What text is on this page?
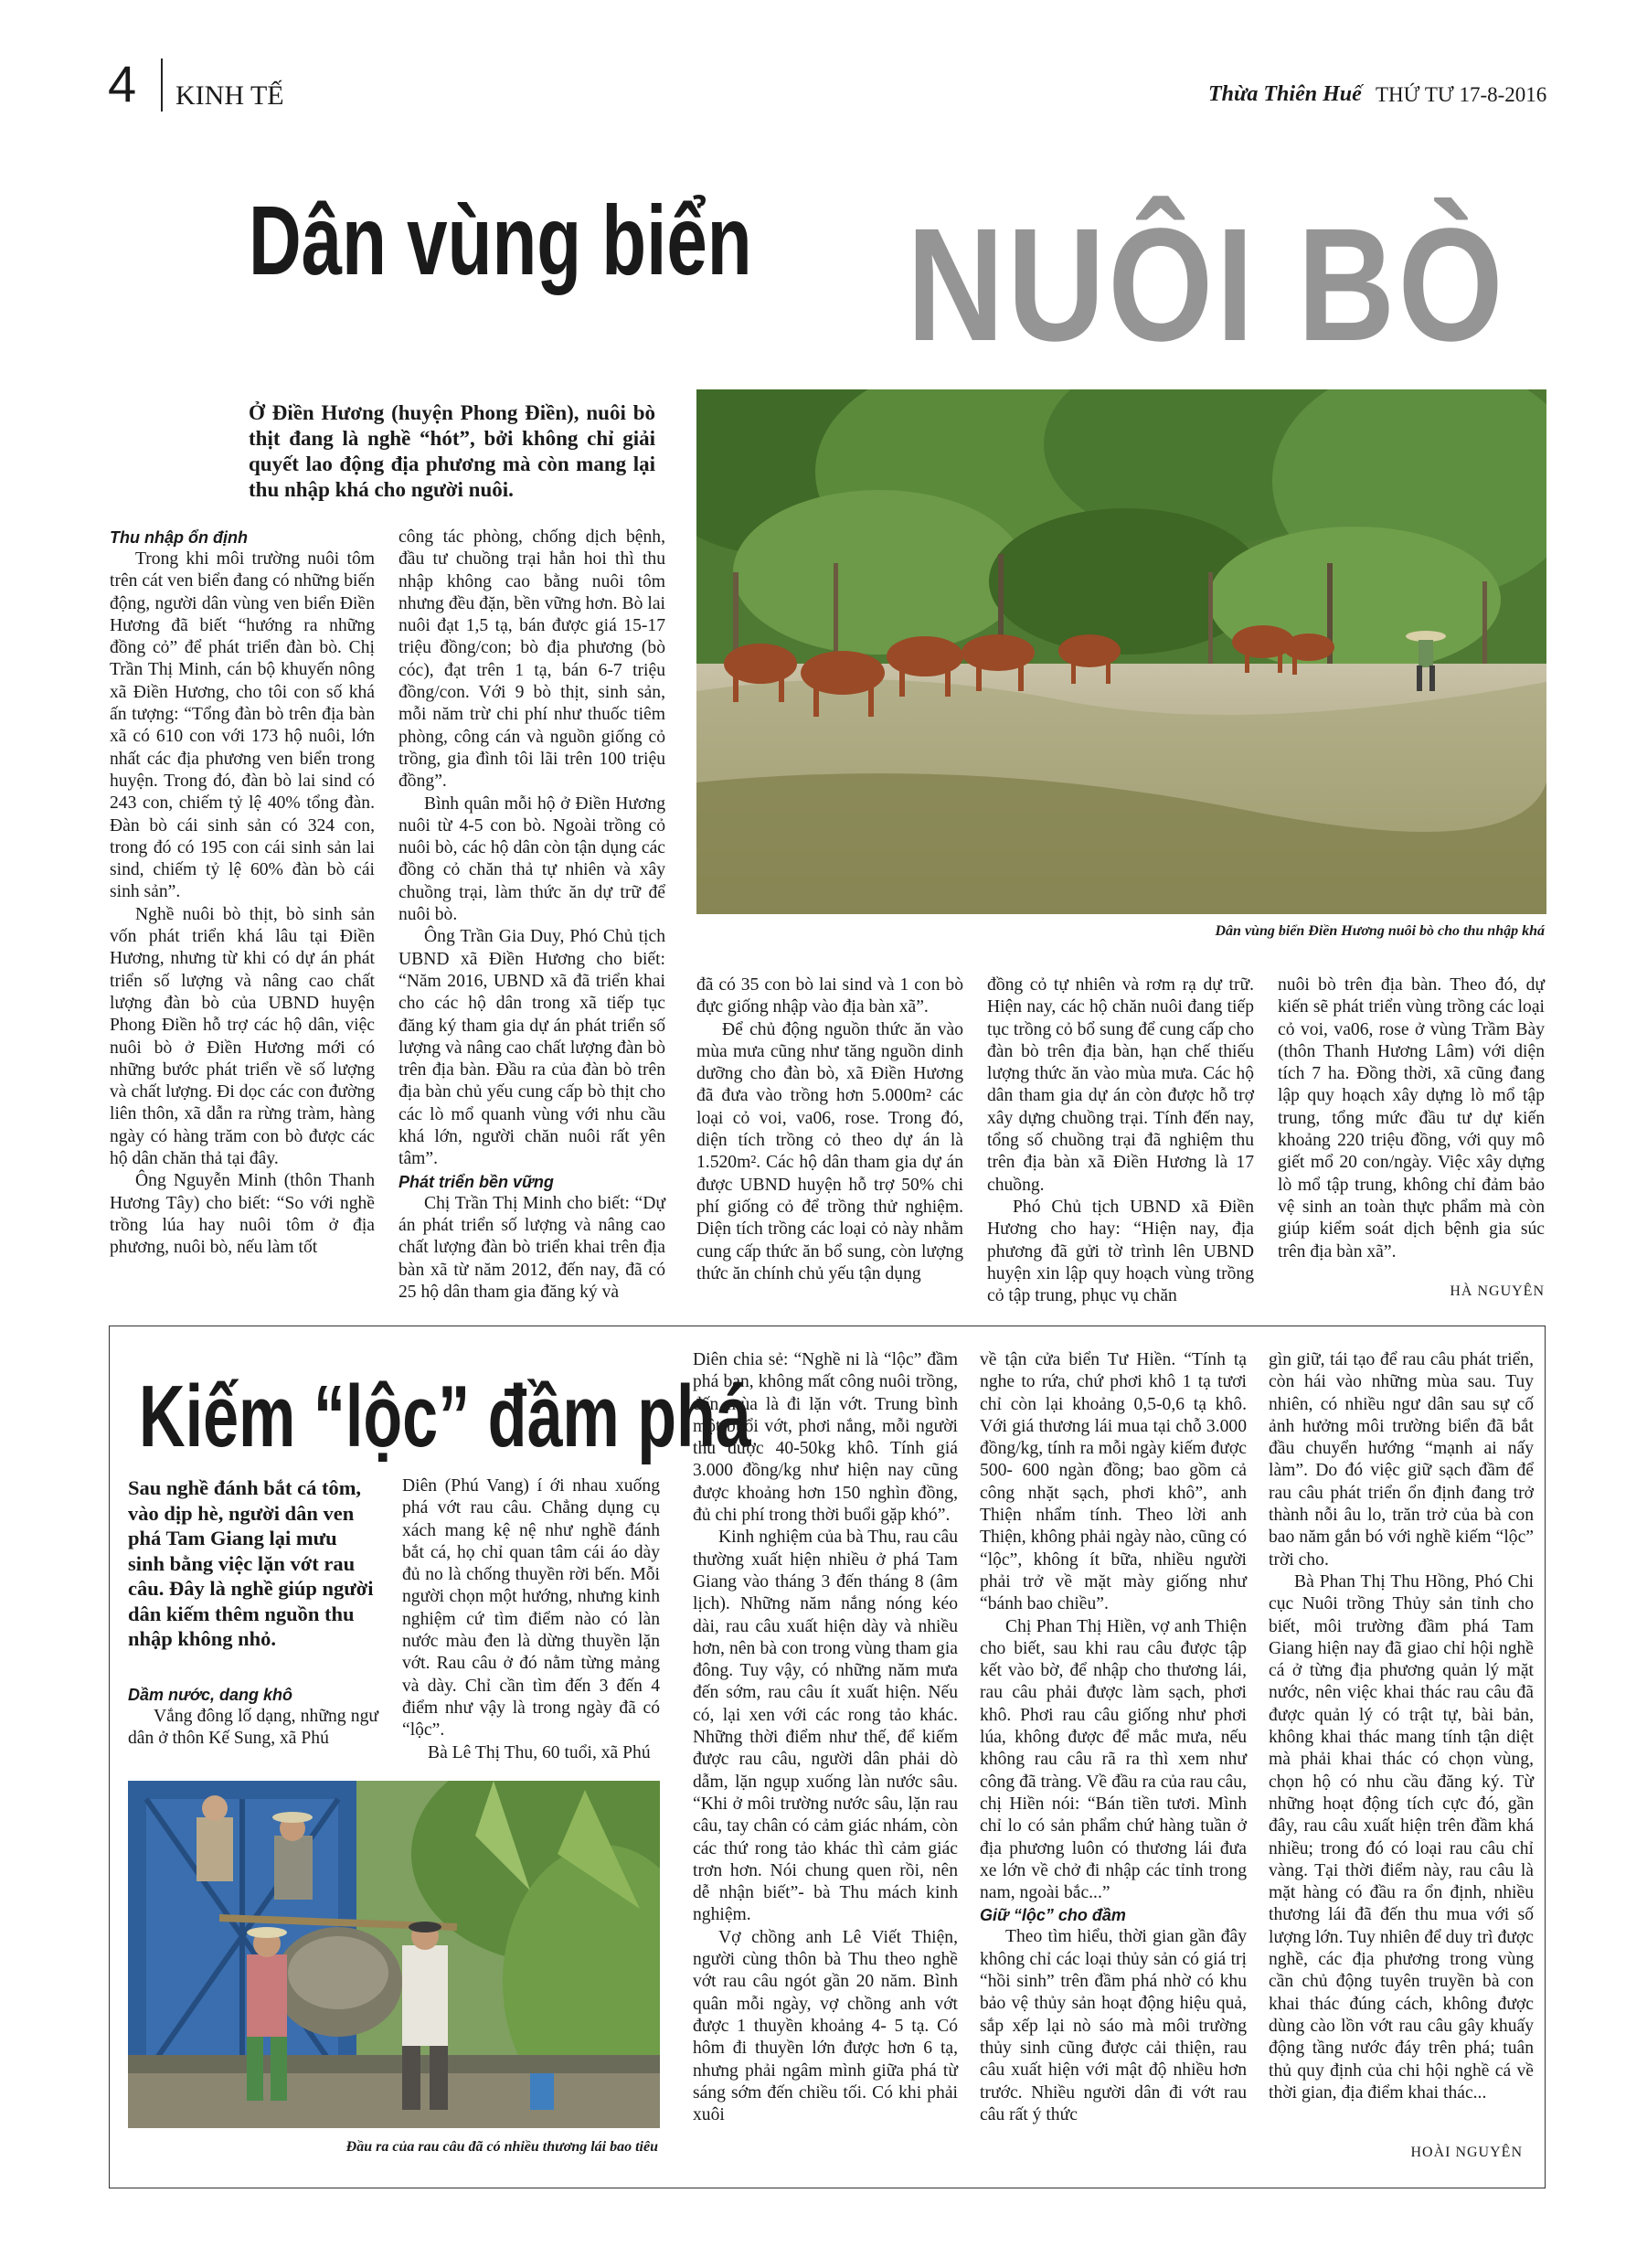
4 KINH TẾ	Thừa Thiên Huế THỨ TƯ 17-8-2016
Dân vùng biển NUÔI BÒ
Ở Điền Hương (huyện Phong Điền), nuôi bò thịt đang là nghề “hót”, bởi không chỉ giải quyết lao động địa phương mà còn mang lại thu nhập khá cho người nuôi.
Dân vùng biển Điền Hương nuôi bò cho thu nhập khá
Thu nhập ổn định

Trong khi môi trường nuôi tôm trên cát ven biển đang có những biến động, người dân vùng ven biển Điền Hương đã biết “hướng ra những đồng cỏ” để phát triển đàn bò. Chị Trần Thị Minh, cán bộ khuyến nông xã Điền Hương, cho tôi con số khá ấn tượng: “Tổng đàn bò trên địa bàn xã có 610 con với 173 hộ nuôi, lớn nhất các địa phương ven biển trong huyện. Trong đó, đàn bò lai sind có 243 con, chiếm tỷ lệ 40% tổng đàn. Đàn bò cái sinh sản có 324 con, trong đó có 195 con cái sinh sản lai sind, chiếm tỷ lệ 60% đàn bò cái sinh sản”.

Nghề nuôi bò thịt, bò sinh sản vốn phát triển khá lâu tại Điền Hương, nhưng từ khi có dự án phát triển số lượng và nâng cao chất lượng đàn bò của UBND huyện Phong Điền hỗ trợ các hộ dân, việc nuôi bò ở Điền Hương mới có những bước phát triển về số lượng và chất lượng. Đi dọc các con đường liên thôn, xã dẫn ra rừng tràm, hàng ngày có hàng trăm con bò được các hộ dân chăn thả tại đây.

Ông Nguyễn Minh (thôn Thanh Hương Tây) cho biết: “So với nghề trồng lúa hay nuôi tôm ở địa phương, nuôi bò, nếu làm tốt

công tác phòng, chống dịch bệnh, đầu tư chuồng trại hẳn hoi thì thu nhập không cao bằng nuôi tôm nhưng đều đặn, bền vững hơn. Bò lai nuôi đạt 1,5 tạ, bán được giá 15-17 triệu đồng/con; bò địa phương (bò cóc), đạt trên 1 tạ, bán 6-7 triệu đồng/con. Với 9 bò thịt, sinh sản, mỗi năm trừ chi phí như thuốc tiêm phòng, công cán và nguồn giống cỏ trồng, gia đình tôi lãi trên 100 triệu đồng”.

Bình quân mỗi hộ ở Điền Hương nuôi từ 4-5 con bò. Ngoài trồng cỏ nuôi bò, các hộ dân còn tận dụng các đồng cỏ chăn thả tự nhiên và xây chuồng trại, làm thức ăn dự trữ để nuôi bò.

Ông Trần Gia Duy, Phó Chủ tịch UBND xã Điền Hương cho biết: “Năm 2016, UBND xã đã triển khai cho các hộ dân trong xã tiếp tục đăng ký tham gia dự án phát triển số lượng và nâng cao chất lượng đàn bò trên địa bàn. Đầu ra của đàn bò trên địa bàn chủ yếu cung cấp bò thịt cho các lò mổ quanh vùng với nhu cầu khá lớn, người chăn nuôi rất yên tâm”.

Phát triển bền vững

Chị Trần Thị Minh cho biết: “Dự án phát triển số lượng và nâng cao chất lượng đàn bò triển khai trên địa bàn xã từ năm 2012, đến nay, đã có 25 hộ dân tham gia đăng ký và

đã có 35 con bò lai sind và 1 con bò đực giống nhập vào địa bàn xã”.

Để chủ động nguồn thức ăn vào mùa mưa cũng như tăng nguồn dinh dưỡng cho đàn bò, xã Điền Hương đã đưa vào trồng hơn 5.000m² các loại cỏ voi, va06, rose. Trong đó, diện tích trồng cỏ theo dự án là 1.520m². Các hộ dân tham gia dự án được UBND huyện hỗ trợ 50% chi phí giống cỏ để trồng thử nghiệm. Diện tích trồng các loại cỏ này nhằm cung cấp thức ăn bổ sung, còn lượng thức ăn chính chủ yếu tận dụng

đồng cỏ tự nhiên và rơm rạ dự trữ. Hiện nay, các hộ chăn nuôi đang tiếp tục trồng cỏ bổ sung để cung cấp cho đàn bò trên địa bàn, hạn chế thiếu lượng thức ăn vào mùa mưa. Các hộ dân tham gia dự án còn được hỗ trợ xây dựng chuồng trại. Tính đến nay, tổng số chuồng trại đã nghiệm thu trên địa bàn xã Điền Hương là 17 chuồng.

Phó Chủ tịch UBND xã Điền Hương cho hay: “Hiện nay, địa phương đã gửi tờ trình lên UBND huyện xin lập quy hoạch vùng trồng cỏ tập trung, phục vụ chăn

nuôi bò trên địa bàn. Theo đó, dự kiến sẽ phát triển vùng trồng các loại cỏ voi, va06, rose ở vùng Trầm Bày (thôn Thanh Hương Lâm) với diện tích 7 ha. Đồng thời, xã cũng đang lập quy hoạch xây dựng lò mổ tập trung, tổng mức đầu tư dự kiến khoảng 220 triệu đồng, với quy mô giết mổ 20 con/ngày. Việc xây dựng lò mổ tập trung, không chỉ đảm bảo vệ sinh an toàn thực phẩm mà còn giúp kiểm soát dịch bệnh gia súc trên địa bàn xã”.

HÀ NGUYÊN
Kiếm “lộc” đầm phá
Sau nghề đánh bắt cá tôm, vào dịp hè, người dân ven phá Tam Giang lại mưu sinh bằng việc lặn vớt rau câu. Đây là nghề giúp người dân kiếm thêm nguồn thu nhập không nhỏ.
Dầm nước, dang khô

Vắng đông lố dạng, những ngư dân ở thôn Kế Sung, xã Phú

Diên (Phú Vang) í ới nhau xuống phá vớt rau câu. Chẳng dụng cụ xách mang kệ nệ như nghề đánh bắt cá, họ chỉ quan tâm cái áo dày đủ no là chống thuyền rời bến. Mỗi người chọn một hướng, nhưng kinh nghiệm cứ tìm điểm nào có làn nước màu đen là dừng thuyền lặn vớt. Rau câu ở đó nằm từng mảng và dày. Chỉ cần tìm đến 3 đến 4 điểm như vậy là trong ngày đã có “lộc”.

Bà Lê Thị Thu, 60 tuổi, xã Phú

Đầu ra của rau câu đã có nhiều thương lái bao tiêu

Diên chia sẻ: “Nghề ni là “lộc” đầm phá ban, không mất công nuôi trồng, đến mùa là đi lặn vớt. Trung bình một buổi vớt, phơi nắng, mỗi người thu được 40-50kg khô. Tính giá 3.000 đồng/kg như hiện nay cũng được khoảng hơn 150 nghìn đồng, đủ chi phí trong thời buổi gặp khó”.

Kinh nghiệm của bà Thu, rau câu thường xuất hiện nhiều ở phá Tam Giang vào tháng 3 đến tháng 8 (âm lịch). Những năm nắng nóng kéo dài, rau câu xuất hiện dày và nhiều hơn, nên bà con trong vùng tham gia đông. Tuy vậy, có những năm mưa đến sớm, rau câu ít xuất hiện. Nếu có, lại xen với các rong tảo khác. Những thời điểm như thế, để kiếm được rau câu, người dân phải dò dẫm, lặn ngụp xuống làn nước sâu. “Khi ở môi trường nước sâu, lặn rau câu, tay chân có cảm giác nhám, còn các thứ rong tảo khác thì cảm giác trơn hơn. Nói chung quen rồi, nên dễ nhận biết”- bà Thu mách kinh nghiệm.

Vợ chồng anh Lê Viết Thiện, người cùng thôn bà Thu theo nghề vớt rau câu ngót gần 20 năm. Bình quân mỗi ngày, vợ chồng anh vớt được 1 thuyền khoảng 4- 5 tạ. Có hôm đi thuyền lớn được hơn 6 tạ, nhưng phải ngâm mình giữa phá từ sáng sớm đến chiều tối. Có khi phải xuôi

về tận cửa biển Tư Hiền. “Tính tạ nghe to rứa, chứ phơi khô 1 tạ tươi chỉ còn lại khoảng 0,5-0,6 tạ khô. Với giá thương lái mua tại chỗ 3.000 đồng/kg, tính ra mỗi ngày kiếm được 500- 600 ngàn đồng; bao gồm cả công nhặt sạch, phơi khô”, anh Thiện nhẩm tính. Theo lời anh Thiện, không phải ngày nào, cũng có “lộc”, không ít bữa, nhiều người phải trở về mặt mày giống như “bánh bao chiều”.

Chị Phan Thị Hiền, vợ anh Thiện cho biết, sau khi rau câu được tập kết vào bờ, để nhập cho thương lái, rau câu phải được làm sạch, phơi khô. Phơi rau câu giống như phơi lúa, không được để mắc mưa, nếu không rau câu rã ra thì xem như công đã tràng. Về đầu ra của rau câu, chị Hiền nói: “Bán tiền tươi. Mình chỉ lo có sản phẩm chứ hàng tuần ở địa phương luôn có thương lái đưa xe lớn về chở đi nhập các tỉnh trong nam, ngoài bắc...”

Giữ “lộc” cho đầm

Theo tìm hiểu, thời gian gần đây không chỉ các loại thủy sản có giá trị “hồi sinh” trên đầm phá nhờ có khu bảo vệ thủy sản hoạt động hiệu quả, sắp xếp lại nò sáo mà môi trường thủy sinh cũng được cải thiện, rau câu xuất hiện với mật độ nhiều hơn trước. Nhiều người dân đi vớt rau câu rất ý thức

gìn giữ, tái tạo để rau câu phát triển, còn hái vào những mùa sau. Tuy nhiên, có nhiều ngư dân sau sự cố ảnh hưởng môi trường biển đã bắt đầu chuyển hướng “mạnh ai nấy làm”. Do đó việc giữ sạch đầm để rau câu phát triển ổn định đang trở thành nỗi âu lo, trăn trở của bà con bao năm gắn bó với nghề kiếm “lộc” trời cho.

Bà Phan Thị Thu Hồng, Phó Chi cục Nuôi trồng Thủy sản tỉnh cho biết, môi trường đầm phá Tam Giang hiện nay đã giao chỉ hội nghề cá ở từng địa phương quản lý mặt nước, nên việc khai thác rau câu đã được quản lý có trật tự, bài bản, không khai thác mang tính tận diệt mà phải khai thác có chọn vùng, chọn hộ có nhu cầu đăng ký. Từ những hoạt động tích cực đó, gần đây, rau câu xuất hiện trên đầm khá nhiều; trong đó có loại rau câu chỉ vàng. Tại thời điểm này, rau câu là mặt hàng có đầu ra ổn định, nhiều thương lái đã đến thu mua với số lượng lớn. Tuy nhiên để duy trì được nghề, các địa phương trong vùng cần chủ động tuyên truyền bà con khai thác đúng cách, không được dùng cào lồn vớt rau câu gây khuấy động tầng nước đáy trên phá; tuân thủ quy định của chi hội nghề cá về thời gian, địa điểm khai thác...

HOÀI NGUYÊN
